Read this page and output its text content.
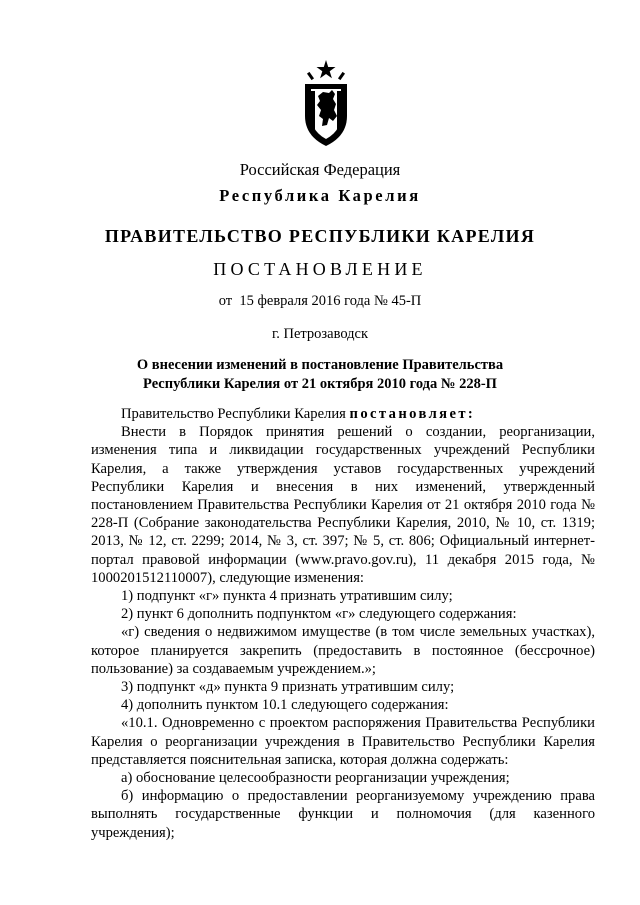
Российская Федерация
Республика Карелия
ПРАВИТЕЛЬСТВО РЕСПУБЛИКИ КАРЕЛИЯ
ПОСТАНОВЛЕНИЕ
от  15 февраля 2016 года № 45-П
г. Петрозаводск
О внесении изменений в постановление Правительства
Республики Карелия от 21 октября 2010 года № 228-П

Правительство Республики Карелия постановляет:

Внести в Порядок принятия решений о создании, реорганизации, изменения типа и ликвидации государственных учреждений Республики Карелия, а также утверждения уставов государственных учреждений Республики Карелия и внесения в них изменений, утвержденный постановлением Правительства Республики Карелия от 21 октября 2010 года № 228-П (Собрание законодательства Республики Карелия, 2010, № 10, ст. 1319; 2013, № 12, ст. 2299; 2014, № 3, ст. 397; № 5, ст. 806; Официальный интернет-портал правовой информации (www.pravo.gov.ru), 11 декабря 2015 года, № 1000201512110007), следующие изменения:

1) подпункт «г» пункта 4 признать утратившим силу;

2) пункт 6 дополнить подпунктом «г» следующего содержания:

«г) сведения о недвижимом имуществе (в том числе земельных участках), которое планируется закрепить (предоставить в постоянное (бессрочное) пользование) за создаваемым учреждением.»;

3) подпункт «д» пункта 9 признать утратившим силу;

4) дополнить пунктом 10.1 следующего содержания:

«10.1. Одновременно с проектом распоряжения Правительства Республики Карелия о реорганизации учреждения в Правительство Республики Карелия представляется пояснительная записка, которая должна содержать:

а) обоснование целесообразности реорганизации учреждения;

б) информацию о предоставлении реорганизуемому учреждению права выполнять государственные функции и полномочия (для казенного учреждения);
